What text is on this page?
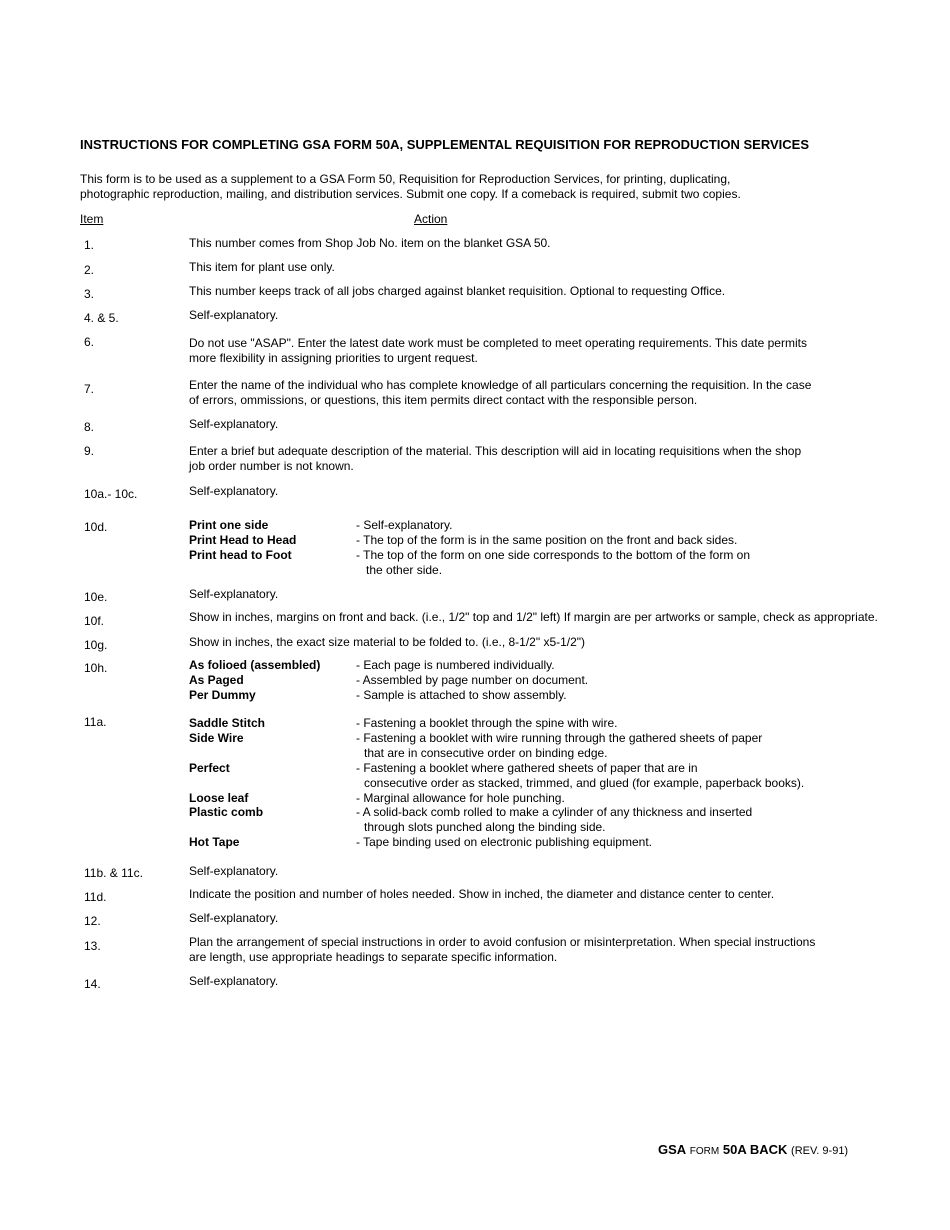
INSTRUCTIONS FOR COMPLETING GSA FORM 50A, SUPPLEMENTAL REQUISITION FOR REPRODUCTION SERVICES
This form is to be used as a supplement to a GSA Form 50, Requisition for Reproduction Services, for printing, duplicating,
photographic reproduction, mailing, and distribution services. Submit one copy. If a comeback is required, submit two copies.
Item	Action
1.	This number comes from Shop Job No. item on the blanket GSA 50.
2.	This item for plant use only.
3.	This number keeps track of all jobs charged against blanket requisition. Optional to requesting Office.
4. & 5.	Self-explanatory.
6.	Do not use "ASAP". Enter the latest date work must be completed to meet operating requirements. This date permits
more flexibility in assigning priorities to urgent request.
7.	Enter the name of the individual who has complete knowledge of all particulars concerning the requisition. In the case
of errors, ommissions, or questions, this item permits direct contact with the responsible person.
8.	Self-explanatory.
9.	Enter a brief but adequate description of the material. This description will aid in locating requisitions when the shop
job order number is not known.
10a.- 10c.	Self-explanatory.
10d.	Print one side	- Self-explanatory.
Print Head to Head	- The top of the form is in the same position on the front and back sides.
Print head to Foot	- The top of the form on one side corresponds to the bottom of the form on
the other side.
10e.	Self-explanatory.
10f.	Show in inches, margins on front and back. (i.e., 1/2" top and 1/2" left) If margin are per artworks or sample, check as appropriate.
10g.	Show in inches, the exact size material to be folded to. (i.e., 8-1/2" x5-1/2")
10h.	As folioed (assembled)	- Each page is numbered individually.
As Paged	- Assembled by page number on document.
Per Dummy	- Sample is attached to show assembly.
11a.	Saddle Stitch	- Fastening a booklet through the spine with wire.
Side Wire	- Fastening a booklet with wire running through the gathered sheets of paper
that are in consecutive order on binding edge.
Perfect	- Fastening a booklet where gathered sheets of paper that are in
consecutive order as stacked, trimmed, and glued (for example, paperback books).
Loose leaf	- Marginal allowance for hole punching.
Plastic comb	- A solid-back comb rolled to make a cylinder of any thickness and inserted
through slots punched along the binding side.
Hot Tape	- Tape binding used on electronic publishing equipment.
11b. & 11c.	Self-explanatory.
11d.	Indicate the position and number of holes needed. Show in inched, the diameter and distance center to center.
12.	Self-explanatory.
13.	Plan the arrangement of special instructions in order to avoid confusion or misinterpretation. When special instructions
are length, use appropriate headings to separate specific information.
14.	Self-explanatory.
GSA FORM 50A BACK (REV. 9-91)
